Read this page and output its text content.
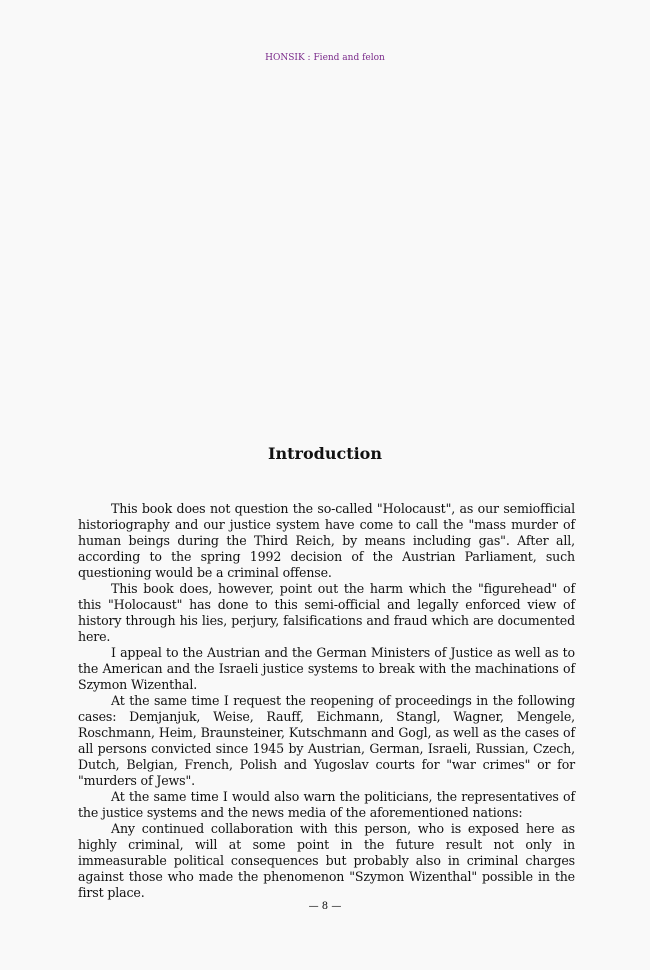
HONSIK : Fiend and felon
Introduction

This book does not question the so-called "Holocaust", as our semiofficial historiography and our justice system have come to call the "mass murder of human beings during the Third Reich, by means including gas". After all, according to the spring 1992 decision of the Austrian Parliament, such questioning would be a criminal offense.

This book does, however, point out the harm which the "figurehead" of this "Holocaust" has done to this semi-official and legally enforced view of history through his lies, perjury, falsifications and fraud which are documented here.

I appeal to the Austrian and the German Ministers of Justice as well as to the American and the Israeli justice systems to break with the machinations of Szymon Wizenthal.

At the same time I request the reopening of proceedings in the following cases: Demjanjuk, Weise, Rauff, Eichmann, Stangl, Wagner, Mengele, Roschmann, Heim, Braunsteiner, Kutschmann and Gogl, as well as the cases of all persons convicted since 1945 by Austrian, German, Israeli, Russian, Czech, Dutch, Belgian, French, Polish and Yugoslav courts for "war crimes" or for "murders of Jews".

At the same time I would also warn the politicians, the representatives of the justice systems and the news media of the aforementioned nations:

Any continued collaboration with this person, who is exposed here as highly criminal, will at some point in the future result not only in immeasurable political consequences but probably also in criminal charges against those who made the phenomenon "Szymon Wizenthal" possible in the first place.

— 8 —
